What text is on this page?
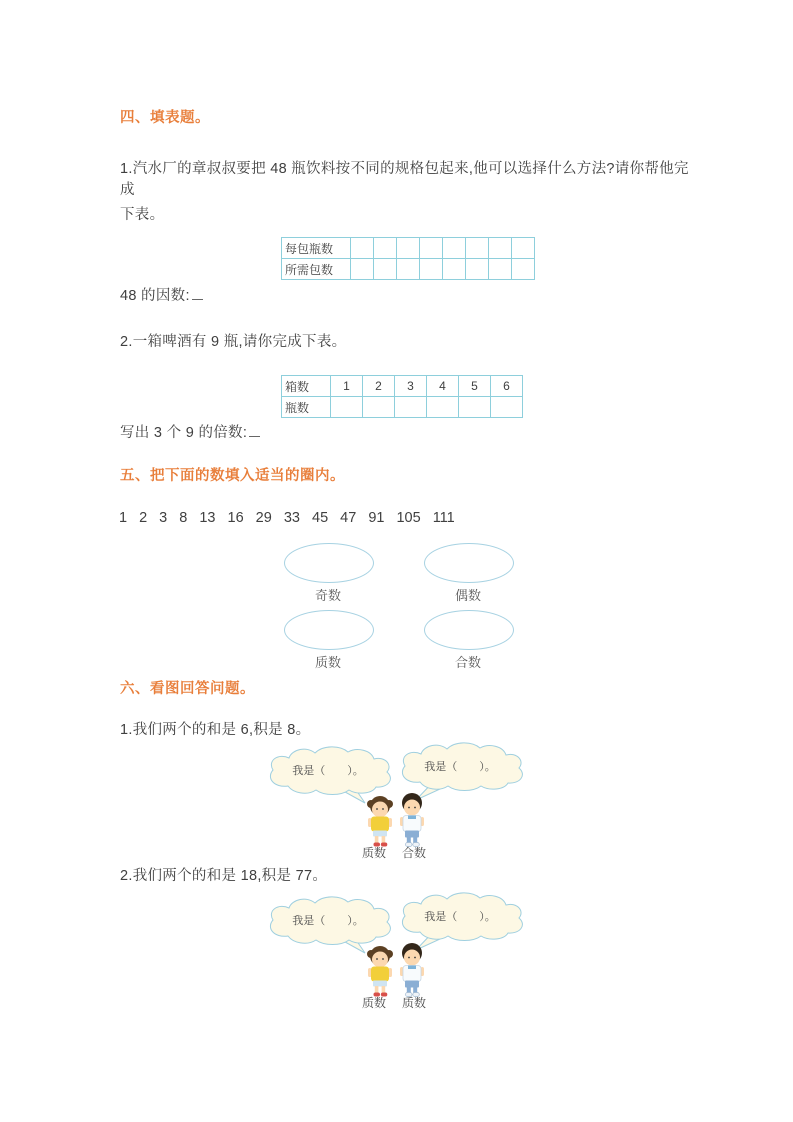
四、填表题。
1.汽水厂的章叔叔要把 48 瓶饮料按不同的规格包起来,他可以选择什么方法?请你帮他完成
下表。
每包瓶数								
所需包数								
48 的因数:
2.一箱啤酒有 9 瓶,请你完成下表。
箱数	1	2	3	4	5	6
瓶数						
写出 3 个 9 的倍数:
五、把下面的数填入适当的圈内。
1 2 3 8 13 16 29 33 45 47 91 105 111
奇数	偶数
质数	合数
六、看图回答问题。
1.我们两个的和是 6,积是 8。
我是（　　）。	我是（　　）。
质数 合数
2.我们两个的和是 18,积是 77。
我是（　　）。	我是（　　）。
质数 质数
